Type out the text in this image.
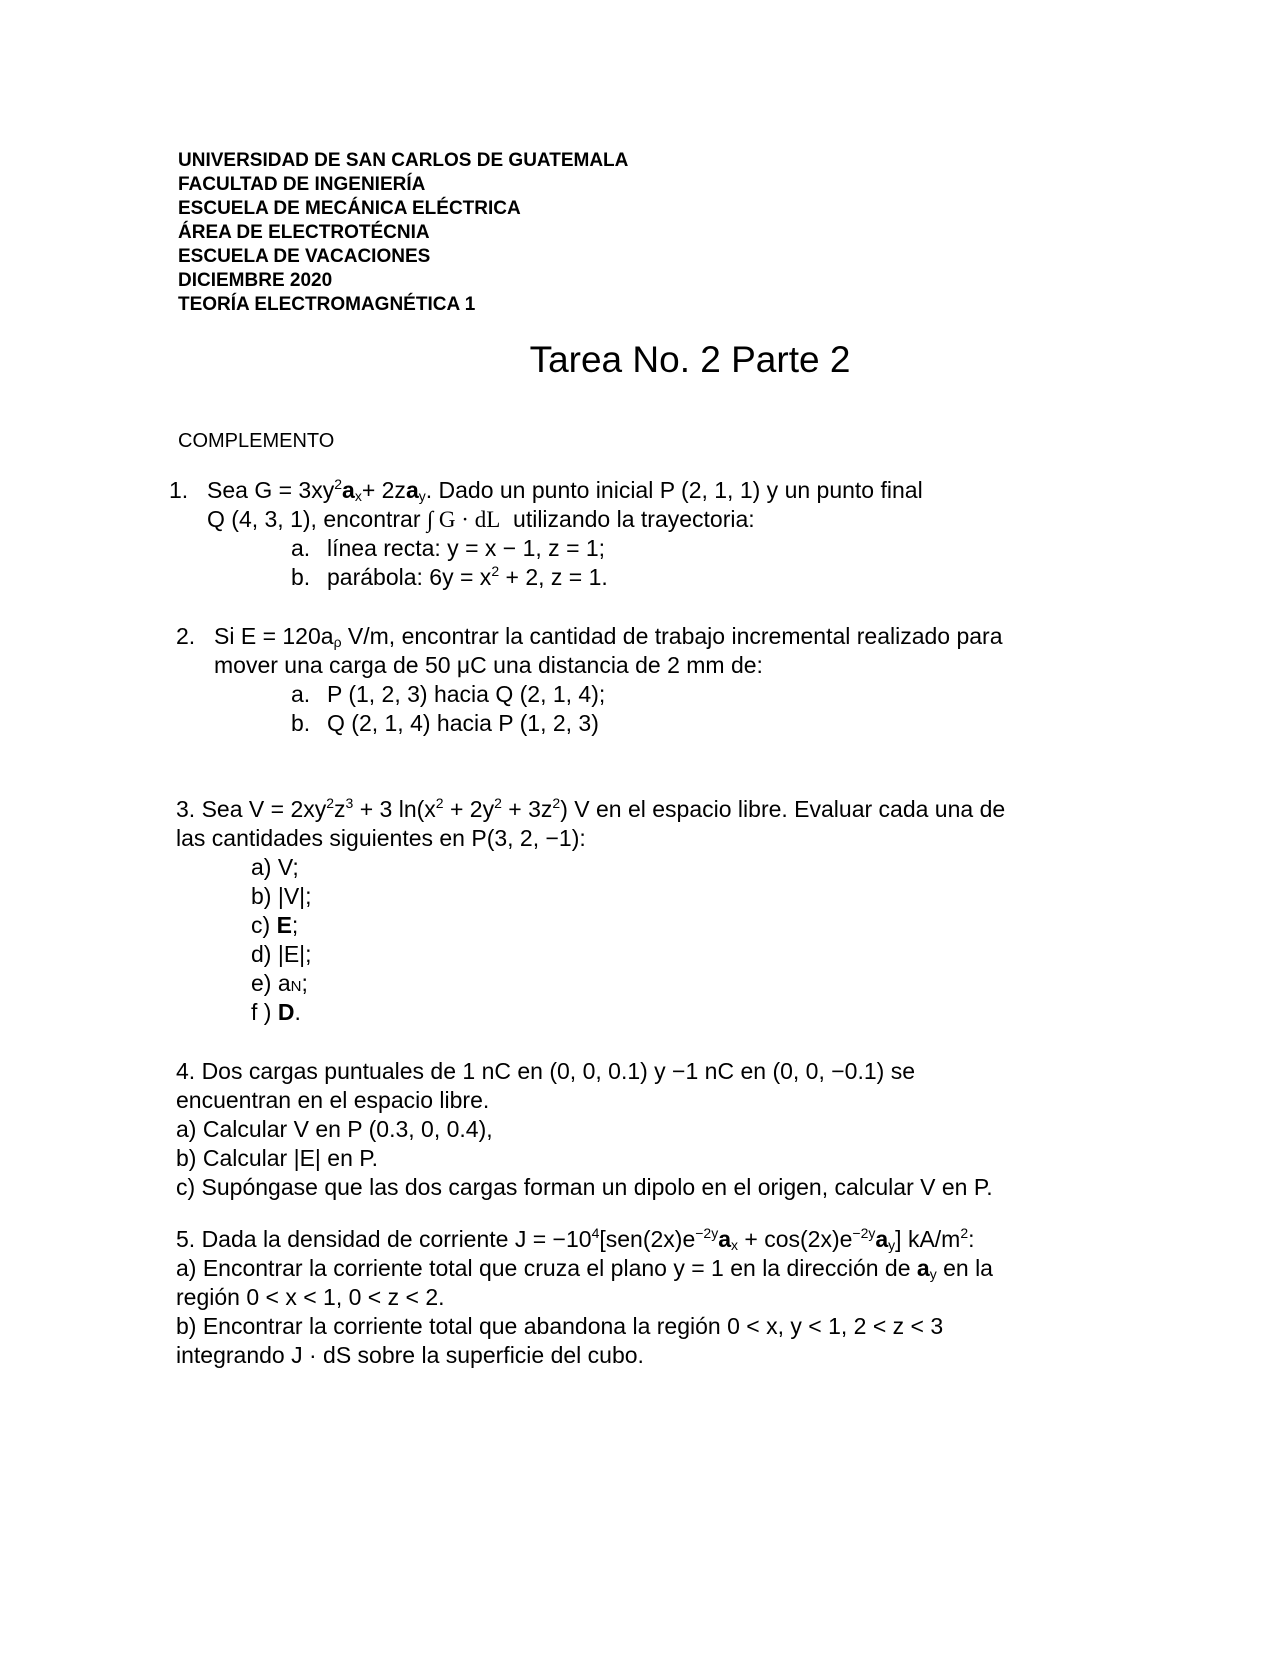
UNIVERSIDAD DE SAN CARLOS DE GUATEMALA
FACULTAD DE INGENIERÍA
ESCUELA DE MECÁNICA ELÉCTRICA
ÁREA DE ELECTROTÉCNIA
ESCUELA DE VACACIONES
DICIEMBRE 2020
TEORÍA ELECTROMAGNÉTICA 1
Tarea No. 2 Parte 2
COMPLEMENTO
1. Sea $G = 3xy^2a_x+ 2za_y$. Dado un punto inicial P (2, 1, 1) y un punto final
Q (4, 3, 1), encontrar ∫ G · dL utilizando la trayectoria:
a. línea recta: y = x − 1, z = 1;
b. parábola: $6y = x^2 + 2$, z = 1.
2. Si $E = 120a_\rho$ V/m, encontrar la cantidad de trabajo incremental realizado para
mover una carga de 50 μC una distancia de 2 mm de:
a. P (1, 2, 3) hacia Q (2, 1, 4);
b. Q (2, 1, 4) hacia P (1, 2, 3)
3. Sea $V = 2xy^2z^3 + 3$ $\ln(x^2 + 2y^2 + 3z^2)$ V en el espacio libre. Evaluar cada una de
las cantidades siguientes en P(3, 2, −1):
a) V;
b) |V|;
c) E;
d) |E|;
e) aN;
f ) D.
4. Dos cargas puntuales de 1 nC en (0, 0, 0.1) y −1 nC en (0, 0, −0.1) se
encuentran en el espacio libre.
a) Calcular V en P (0.3, 0, 0.4),
b) Calcular |E| en P.
c) Supóngase que las dos cargas forman un dipolo en el origen, calcular V en P.
5. Dada la densidad de corriente $J = -10^4[sen(2x)e^{-2y}a_x + \cos(2x)e^{-2y}a_y]$ $kA/m^2$:
a) Encontrar la corriente total que cruza el plano y = 1 en la dirección de $a_y$ en la
región 0 < x < 1, 0 < z < 2.
b) Encontrar la corriente total que abandona la región 0 < x, y < 1, 2 < z < 3
integrando J · dS sobre la superficie del cubo.
